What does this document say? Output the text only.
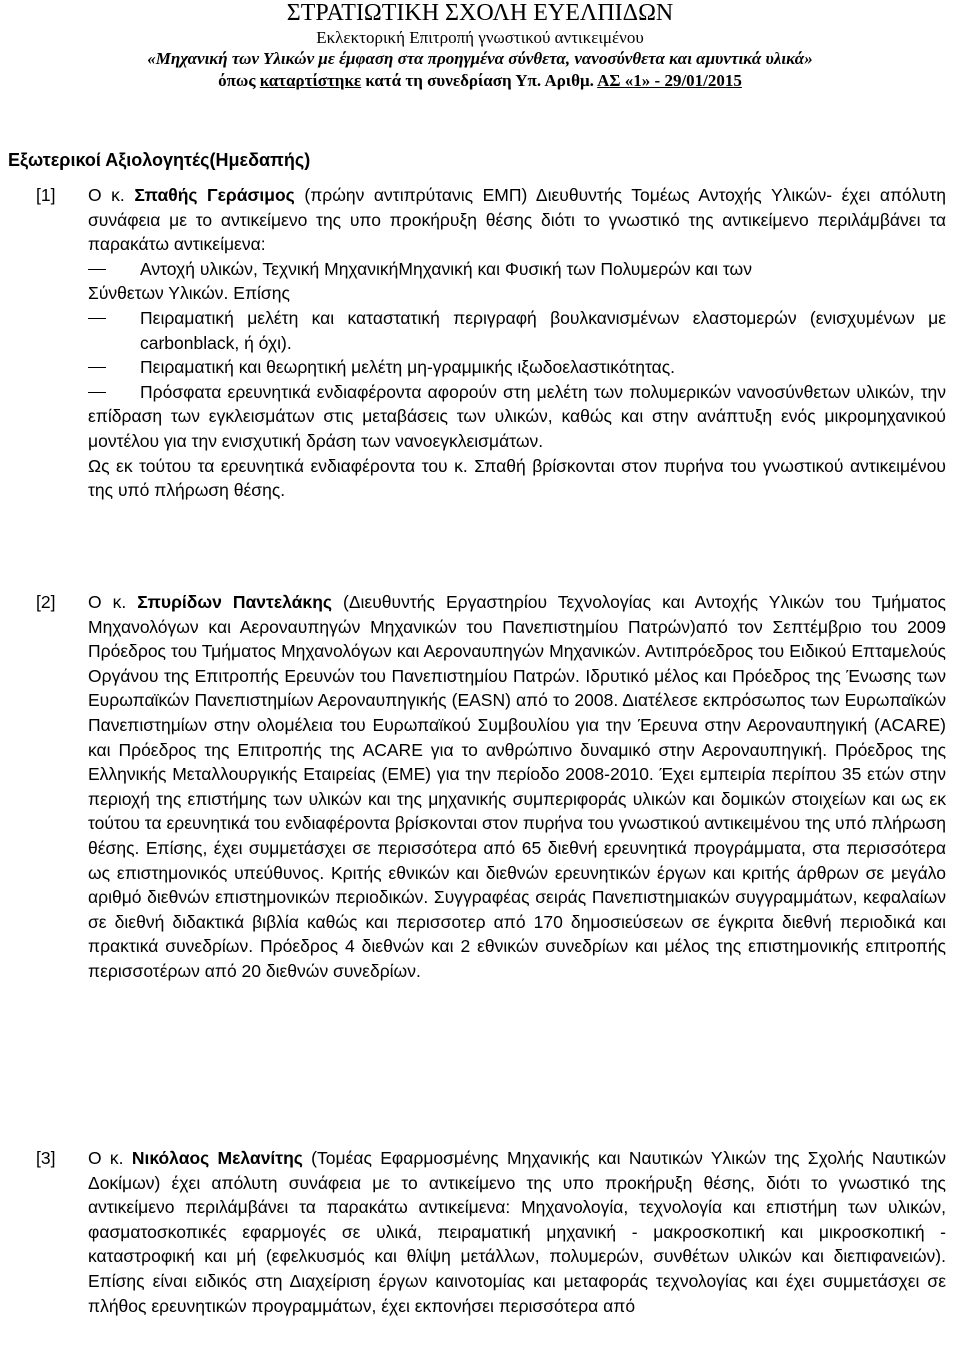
ΣΤΡΑΤΙΩΤΙΚΗ ΣΧΟΛΗ ΕΥΕΛΠΙΔΩΝ
Εκλεκτορική Επιτροπή γνωστικού αντικειμένου
«Μηχανική των Υλικών με έμφαση στα προηγμένα σύνθετα, νανοσύνθετα και αμυντικά υλικά»
όπως καταρτίστηκε κατά τη συνεδρίαση Υπ. Αριθμ. ΑΣ «1» - 29/01/2015
Εξωτερικοί Αξιολογητές(Ημεδαπής)
[1]	Ο κ. Σπαθής Γεράσιμος (πρώην αντιπρύτανις ΕΜΠ) Διευθυντής Τομέως Αντοχής Υλικών- έχει απόλυτη συνάφεια με το αντικείμενο της υπο προκήρυξη θέσης διότι το γνωστικό της αντικείμενο περιλάμβάνει τα παρακάτω αντικείμενα:
Αντοχή υλικών, Τεχνική ΜηχανικήΜηχανική και Φυσική των Πολυμερών και των
Σύνθετων Υλικών. Επίσης
Πειραματική μελέτη και καταστατική περιγραφή βουλκανισμένων ελαστομερών (ενισχυμένων με carbonblack, ή όχι).
Πειραματική και θεωρητική μελέτη μη-γραμμικής ιξωδοελαστικότητας.
Πρόσφατα ερευνητικά ενδιαφέροντα αφορούν στη μελέτη των πολυμερικών νανοσύνθετων υλικών, την επίδραση των εγκλεισμάτων στις μεταβάσεις των υλικών, καθώς και στην ανάπτυξη ενός μικρομηχανικού μοντέλου για την ενισχυτική δράση των νανοεγκλεισμάτων.
Ως εκ τούτου τα ερευνητικά ενδιαφέροντα του κ. Σπαθή βρίσκονται στον πυρήνα του γνωστικού αντικειμένου της υπό πλήρωση θέσης.
[2]	Ο κ. Σπυρίδων Παντελάκης (Διευθυντής Εργαστηρίου Τεχνολογίας και Αντοχής Υλικών του Τμήματος Μηχανολόγων και Αεροναυπηγών Μηχανικών του Πανεπιστημίου Πατρών)από τον Σεπτέμβριο του 2009 Πρόεδρος του Τμήματος Μηχανολόγων και Αεροναυπηγών Μηχανικών. Αντιπρόεδρος του Ειδικού Επταμελούς Οργάνου της Επιτροπής Ερευνών του Πανεπιστημίου Πατρών. Ιδρυτικό μέλος και Πρόεδρος της Ένωσης των Ευρωπαϊκών Πανεπιστημίων Αεροναυπηγικής (EASN) από το 2008. Διατέλεσε εκπρόσωπος των Ευρωπαϊκών Πανεπιστημίων στην ολομέλεια του Ευρωπαϊκού Συμβουλίου για την Έρευνα στην Αεροναυπηγική (ACARE) και Πρόεδρος της Επιτροπής της ACARE για το ανθρώπινο δυναμικό στην Αεροναυπηγική. Πρόεδρος της Ελληνικής Μεταλλουργικής Εταιρείας (ΕΜΕ) για την περίοδο 2008-2010. Έχει εμπειρία περίπου 35 ετών στην περιοχή της επιστήμης των υλικών και της μηχανικής συμπεριφοράς υλικών και δομικών στοιχείων και ως εκ τούτου τα ερευνητικά του ενδιαφέροντα βρίσκονται στον πυρήνα του γνωστικού αντικειμένου της υπό πλήρωση θέσης. Επίσης, έχει συμμετάσχει σε περισσότερα από 65 διεθνή ερευνητικά προγράμματα, στα περισσότερα ως επιστημονικός υπεύθυνος. Κριτής εθνικών και διεθνών ερευνητικών έργων και κριτής άρθρων σε μεγάλο αριθμό διεθνών επιστημονικών περιοδικών. Συγγραφέας σειράς Πανεπιστημιακών συγγραμμάτων, κεφαλαίων σε διεθνή διδακτικά βιβλία καθώς και περισσοτερ από 170 δημοσιεύσεων σε έγκριτα διεθνή περιοδικά και πρακτικά συνεδρίων. Πρόεδρος 4 διεθνών και 2 εθνικών συνεδρίων και μέλος της επιστημονικής επιτροπής περισσοτέρων από 20 διεθνών συνεδρίων.
[3]	Ο κ. Νικόλαος Μελανίτης (Τομέας Εφαρμοσμένης Μηχανικής και Ναυτικών Υλικών της Σχολής Ναυτικών Δοκίμων) έχει απόλυτη συνάφεια με το αντικείμενο της υπο προκήρυξη θέσης, διότι το γνωστικό της αντικείμενο περιλάμβάνει τα παρακάτω αντικείμενα: Μηχανολογία, τεχνολογία και επιστήμη των υλικών, φασματοσκοπικές εφαρμογές σε υλικά, πειραματική μηχανική - μακροσκοπική και μικροσκοπική - καταστροφική και μή (εφελκυσμός και θλίψη μετάλλων, πολυμερών, συνθέτων υλικών και διεπιφανειών). Επίσης είναι ειδικός στη Διαχείριση έργων καινοτομίας και μεταφοράς τεχνολογίας και έχει συμμετάσχει σε πλήθος ερευνητικών προγραμμάτων, έχει εκπονήσει περισσότερα από
